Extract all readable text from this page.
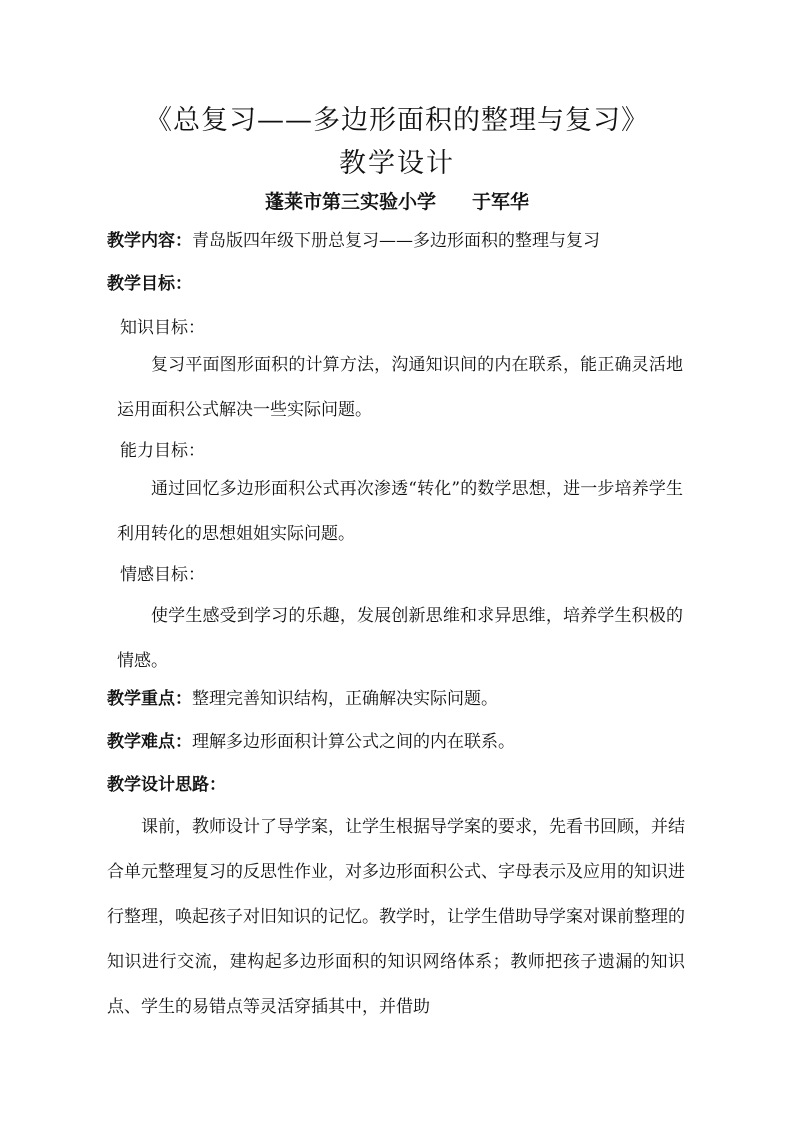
《总复习——多边形面积的整理与复习》
教学设计
蓬莱市第三实验小学 于军华
教学内容：青岛版四年级下册总复习——多边形面积的整理与复习
教学目标：
知识目标：
复习平面图形面积的计算方法，沟通知识间的内在联系，能正确灵活地运用面积公式解决一些实际问题。
能力目标：
通过回忆多边形面积公式再次渗透“转化”的数学思想，进一步培养学生利用转化的思想姐姐实际问题。
情感目标：
使学生感受到学习的乐趣，发展创新思维和求异思维，培养学生积极的情感。
教学重点：整理完善知识结构，正确解决实际问题。
教学难点：理解多边形面积计算公式之间的内在联系。
教学设计思路：
课前，教师设计了导学案，让学生根据导学案的要求，先看书回顾，并结合单元整理复习的反思性作业，对多边形面积公式、字母表示及应用的知识进行整理，唤起孩子对旧知识的记忆。教学时，让学生借助导学案对课前整理的知识进行交流，建构起多边形面积的知识网络体系；教师把孩子遗漏的知识点、学生的易错点等灵活穿插其中，并借助
